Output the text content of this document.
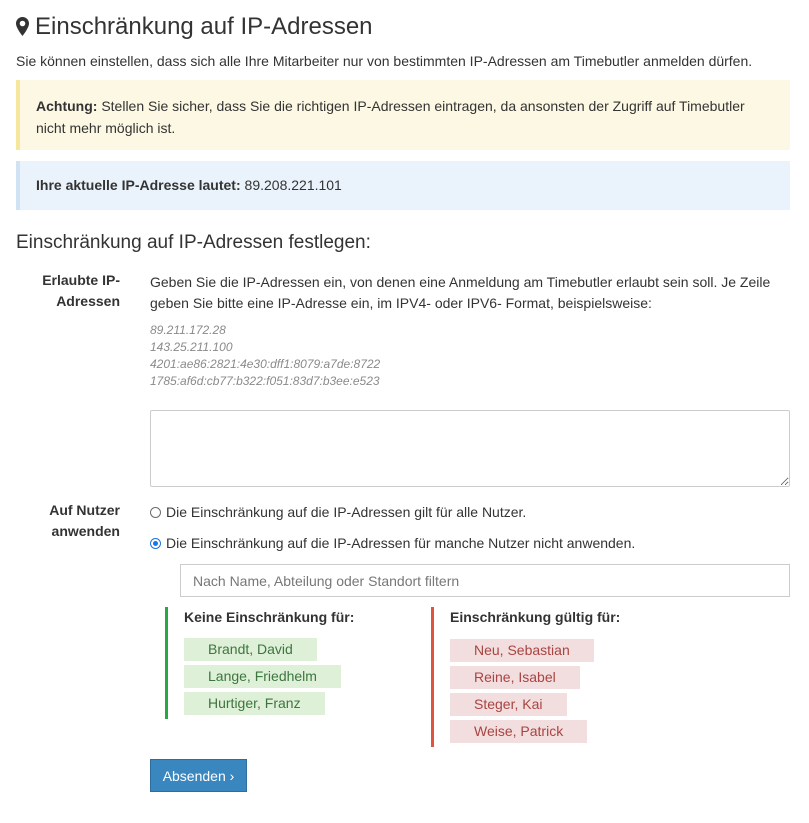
Einschränkung auf IP-Adressen
Sie können einstellen, dass sich alle Ihre Mitarbeiter nur von bestimmten IP-Adressen am Timebutler anmelden dürfen.
Achtung: Stellen Sie sicher, dass Sie die richtigen IP-Adressen eintragen, da ansonsten der Zugriff auf Timebutler nicht mehr möglich ist.
Ihre aktuelle IP-Adresse lautet: 89.208.221.101
Einschränkung auf IP-Adressen festlegen:
Erlaubte IP-
Adressen
Geben Sie die IP-Adressen ein, von denen eine Anmeldung am Timebutler erlaubt sein soll. Je Zeile geben Sie bitte eine IP-Adresse ein, im IPV4- oder IPV6- Format, beispielsweise:
89.211.172.28
143.25.211.100
4201:ae86:2821:4e30:dff1:8079:a7de:8722
1785:af6d:cb77:b322:f051:83d7:b3ee:e523
Auf Nutzer
anwenden
Die Einschränkung auf die IP-Adressen gilt für alle Nutzer.
Die Einschränkung auf die IP-Adressen für manche Nutzer nicht anwenden.
Nach Name, Abteilung oder Standort filtern
Keine Einschränkung für:
Brandt, David
Lange, Friedhelm
Hurtiger, Franz
Einschränkung gültig für:
Neu, Sebastian
Reine, Isabel
Steger, Kai
Weise, Patrick
Absenden ›
